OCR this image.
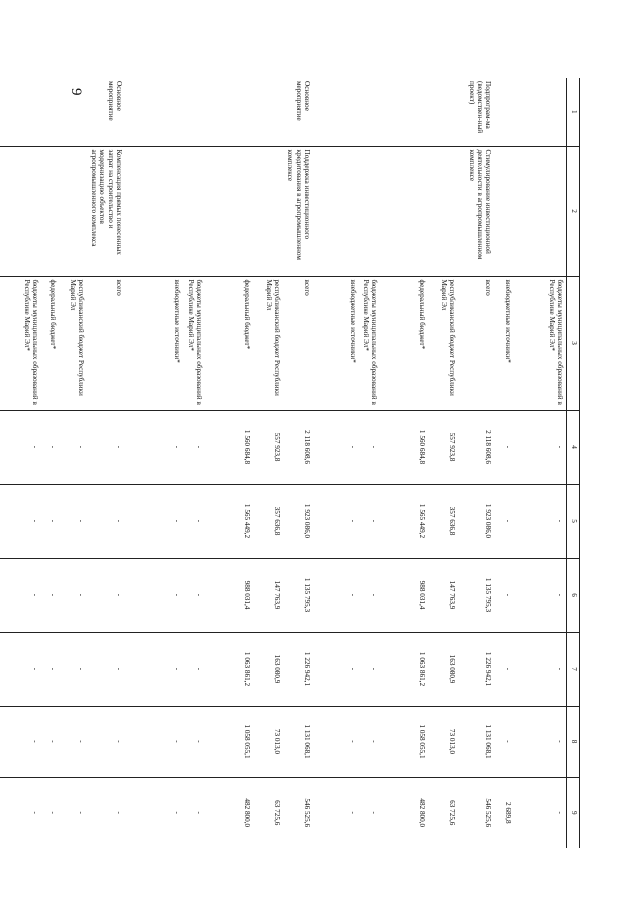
9
1	2	3	4	5	6	7	8	9
		бюджеты муниципальных образований в Республике Марий Эл*	-	-	-	-	-	-
		внебюджетные источники*	-	-	-	-	-	2 689,8
Подпрограм-ма (ведомствен-ный проект)	Стимулирование инвестиционной деятельности в агропромышленном комплексе	всего	2 118 608,6	1 923 086,0	1 135 795,3	1 226 942,1	1 131 068,1	546 525,6
		республиканский бюджет Республики Марий Эл	557 923,8	357 636,8	147 763,9	163 080,9	73 013,0	63 725,6
		федеральный бюджет*	1 560 684,8	1 565 449,2	988 031,4	1 063 861,2	1 058 055,1	482 800,0
		бюджеты муниципальных образований в Республике Марий Эл*	-	-	-	-	-	-
		внебюджетные источники*	-	-	-	-	-	-
Основное мероприятие	Поддержка инвестиционного кредитования в агропромышленном комплексе	всего	2 118 608,6	1 923 086,0	1 135 795,3	1 226 942,1	1 131 068,1	546 525,6
		республиканский бюджет Республики Марий Эл	557 923,8	357 636,8	147 763,9	163 080,9	73 013,0	63 725,6
		федеральный бюджет*	1 560 684,8	1 565 449,2	988 031,4	1 063 861,2	1 058 055,1	482 800,0
		бюджеты муниципальных образований в Республике Марий Эл*	-	-	-	-	-	-
		внебюджетные источники*	-	-	-	-	-	-
Основное мероприятие	Компенсация прямых понесенных затрат на строительство и модернизацию объектов агропромышленного комплекса	всего	-	-	-	-	-	-
		республиканский бюджет Республики Марий Эл	-	-	-	-	-	-
		федеральный бюджет*	-	-	-	-	-	-
		бюджеты муниципальных образований в Республике Марий Эл*	-	-	-	-	-	-
